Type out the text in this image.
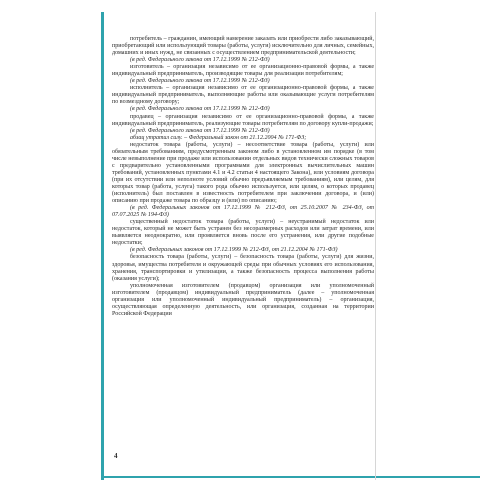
потребитель – гражданин, имеющий намерение заказать или приобрести либо заказывающий, приобретающий или использующий товары (работы, услуги) исключительно для личных, семейных, домашних и иных нужд, не связанных с осуществлением предпринимательской деятельности;

(в ред. Федерального закона от 17.12.1999 № 212-ФЗ)

изготовитель – организация независимо от ее организационно-правовой формы, а также индивидуальный предприниматель, производящие товары для реализации потребителям;

(в ред. Федерального закона от 17.12.1999 № 212-ФЗ)

исполнитель – организация независимо от ее организационно-правовой формы, а также индивидуальный предприниматель, выполняющие работы или оказывающие услуги потребителям по возмездному договору;

(в ред. Федерального закона от 17.12.1999 № 212-ФЗ)

продавец – организация независимо от ее организационно-правовой формы, а также индивидуальный предприниматель, реализующие товары потребителям по договору купли-продажи;

(в ред. Федерального закона от 17.12.1999 № 212-ФЗ)

абзац утратил силу. – Федеральный закон от 21.12.2004 № 171-ФЗ;

недостаток товара (работы, услуги) – несоответствие товара (работы, услуги) или обязательным требованиям, предусмотренным законом либо в установленном им порядке (в том числе невыполнение при продаже или использовании отдельных видов технически сложных товаров с предварительно установленными программами для электронных вычислительных машин требований, установленных пунктами 4.1 и 4.2 статьи 4 настоящего Закона), или условиям договора (при их отсутствии или неполноте условий обычно предъявляемым требованиям), или целям, для которых товар (работа, услуга) такого рода обычно используется, или целям, о которых продавец (исполнитель) был поставлен в известность потребителем при заключении договора, и (или) описанию при продаже товара по образцу и (или) по описанию;

(в ред. Федеральных законов от 17.12.1999 № 212-ФЗ, от 25.10.2007 № 234-ФЗ, от 07.07.2025 № 194-ФЗ)

существенный недостаток товара (работы, услуги) – неустранимый недостаток или недостаток, который не может быть устранен без несоразмерных расходов или затрат времени, или выявляется неоднократно, или проявляется вновь после его устранения, или другие подобные недостатки;

(в ред. Федеральных законов от 17.12.1999 № 212-ФЗ, от 21.12.2004 № 171-ФЗ)

безопасность товара (работы, услуги) – безопасность товара (работы, услуги) для жизни, здоровья, имущества потребителя и окружающей среды при обычных условиях его использования, хранения, транспортировки и утилизации, а также безопасность процесса выполнения работы (оказания услуги);

уполномоченная изготовителем (продавцом) организация или уполномоченный изготовителем (продавцом) индивидуальный предприниматель (далее – уполномоченная организация или уполномоченный индивидуальный предприниматель) – организация, осуществляющая определенную деятельность, или организация, созданная на территории Российской Федерации

4
